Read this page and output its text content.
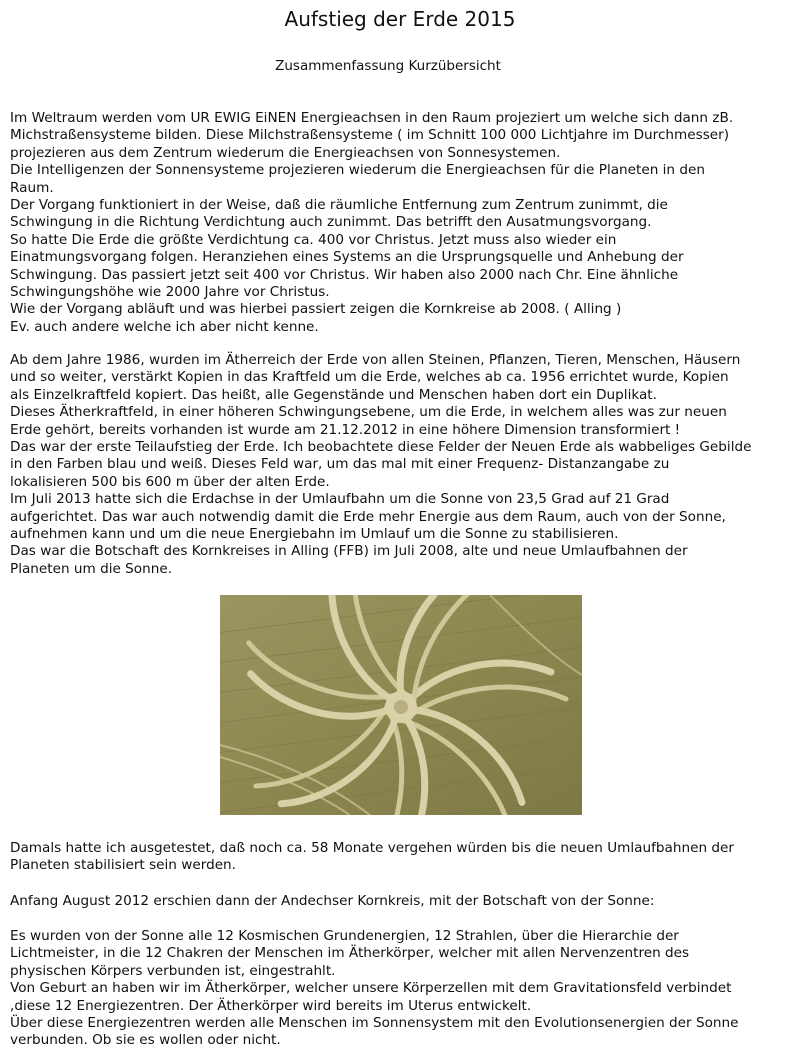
Aufstieg der Erde 2015
Zusammenfassung Kurzübersicht

Im Weltraum werden vom UR EWIG EiNEN Energieachsen in den Raum projeziert um welche sich dann zB.

Michstraßensysteme bilden. Diese Milchstraßensysteme ( im Schnitt 100 000 Lichtjahre im Durchmesser)

projezieren aus dem Zentrum wiederum die Energieachsen von Sonnesystemen.

Die Intelligenzen der Sonnensysteme projezieren wiederum die Energieachsen für die Planeten in den

Raum.

Der Vorgang funktioniert in der Weise, daß die räumliche Entfernung zum Zentrum zunimmt, die

Schwingung in die Richtung Verdichtung auch zunimmt. Das betrifft den Ausatmungsvorgang.

So hatte Die Erde die größte Verdichtung ca. 400 vor Christus. Jetzt muss also wieder ein

Einatmungsvorgang folgen. Heranziehen eines Systems an die Ursprungsquelle und Anhebung der

Schwingung. Das passiert jetzt seit 400 vor Christus. Wir haben also 2000 nach Chr. Eine ähnliche

Schwingungshöhe wie 2000 Jahre vor Christus.

Wie der Vorgang abläuft und was hierbei passiert zeigen die Kornkreise ab 2008. ( Alling )

Ev. auch andere welche ich aber nicht kenne.

Ab dem Jahre 1986, wurden im Ätherreich der Erde von allen Steinen, Pflanzen, Tieren, Menschen, Häusern

und so weiter, verstärkt Kopien in das Kraftfeld um die Erde, welches ab ca. 1956 errichtet wurde, Kopien

als Einzelkraftfeld kopiert. Das heißt, alle Gegenstände und Menschen haben dort ein Duplikat.

Dieses Ätherkraftfeld, in einer höheren Schwingungsebene, um die Erde, in welchem alles was zur neuen

Erde gehört, bereits vorhanden ist wurde am 21.12.2012 in eine höhere Dimension transformiert !

Das war der erste Teilaufstieg der Erde. Ich beobachtete diese Felder der Neuen Erde als wabbeliges Gebilde

in den Farben blau und weiß. Dieses Feld war, um das mal mit einer Frequenz- Distanzangabe zu

lokalisieren 500 bis 600 m über der alten Erde.

Im Juli 2013 hatte sich die Erdachse in der Umlaufbahn um die Sonne von 23,5 Grad auf 21 Grad

aufgerichtet. Das war auch notwendig damit die Erde mehr Energie aus dem Raum, auch von der Sonne,

aufnehmen kann und um die neue Energiebahn im Umlauf um die Sonne zu stabilisieren.

Das war die Botschaft des Kornkreises in Alling (FFB) im Juli 2008, alte und neue Umlaufbahnen der

Planeten um die Sonne.

Damals hatte ich ausgetestet, daß noch ca. 58 Monate vergehen würden bis die neuen Umlaufbahnen der

Planeten stabilisiert sein werden.

Anfang August 2012 erschien dann der Andechser Kornkreis, mit der Botschaft von der Sonne:

Es wurden von der Sonne alle 12 Kosmischen Grundenergien, 12 Strahlen, über die Hierarchie der

Lichtmeister, in die 12 Chakren der Menschen im Ätherkörper, welcher mit allen Nervenzentren des

physischen Körpers verbunden ist, eingestrahlt.

Von Geburt an haben wir im Ätherkörper, welcher unsere Körperzellen mit dem Gravitationsfeld verbindet

,diese 12 Energiezentren. Der Ätherkörper wird bereits im Uterus entwickelt.

Über diese Energiezentren werden alle Menschen im Sonnensystem mit den Evolutionsenergien der Sonne

verbunden. Ob sie es wollen oder nicht.
